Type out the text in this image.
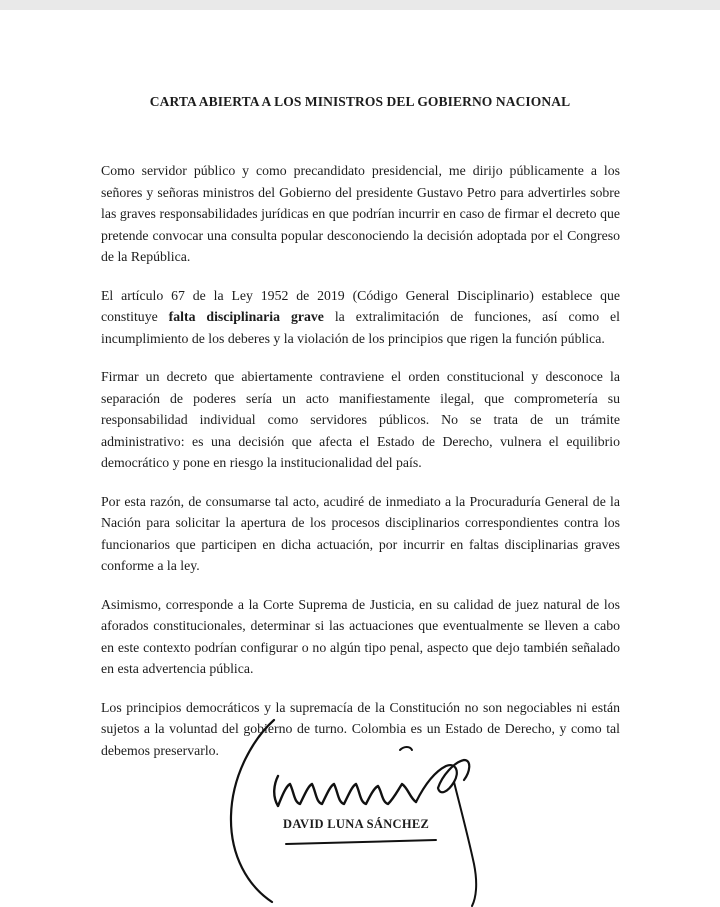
CARTA ABIERTA A LOS MINISTROS DEL GOBIERNO NACIONAL

Como servidor público y como precandidato presidencial, me dirijo públicamente a los señores y señoras ministros del Gobierno del presidente Gustavo Petro para advertirles sobre las graves responsabilidades jurídicas en que podrían incurrir en caso de firmar el decreto que pretende convocar una consulta popular desconociendo la decisión adoptada por el Congreso de la República.

El artículo 67 de la Ley 1952 de 2019 (Código General Disciplinario) establece que constituye falta disciplinaria grave la extralimitación de funciones, así como el incumplimiento de los deberes y la violación de los principios que rigen la función pública.

Firmar un decreto que abiertamente contraviene el orden constitucional y desconoce la separación de poderes sería un acto manifiestamente ilegal, que comprometería su responsabilidad individual como servidores públicos. No se trata de un trámite administrativo: es una decisión que afecta el Estado de Derecho, vulnera el equilibrio democrático y pone en riesgo la institucionalidad del país.

Por esta razón, de consumarse tal acto, acudiré de inmediato a la Procuraduría General de la Nación para solicitar la apertura de los procesos disciplinarios correspondientes contra los funcionarios que participen en dicha actuación, por incurrir en faltas disciplinarias graves conforme a la ley.

Asimismo, corresponde a la Corte Suprema de Justicia, en su calidad de juez natural de los aforados constitucionales, determinar si las actuaciones que eventualmente se lleven a cabo en este contexto podrían configurar o no algún tipo penal, aspecto que dejo también señalado en esta advertencia pública.

Los principios democráticos y la supremacía de la Constitución no son negociables ni están sujetos a la voluntad del gobierno de turno. Colombia es un Estado de Derecho, y como tal debemos preservarlo.

DAVID LUNA SÁNCHEZ
